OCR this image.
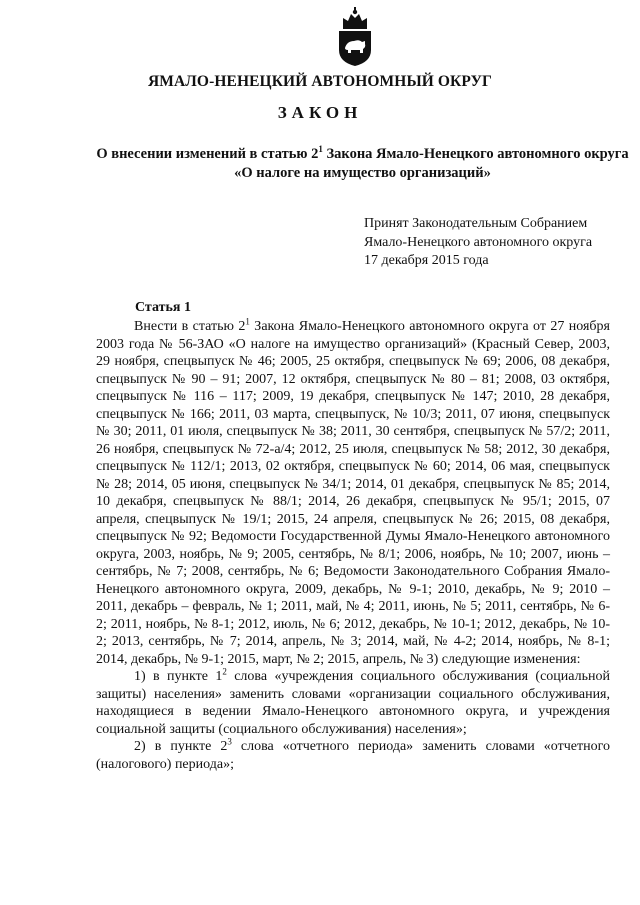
ЯМАЛО-НЕНЕЦКИЙ АВТОНОМНЫЙ ОКРУГ
ЗАКОН
О внесении изменений в статью $2^1$ Закона Ямало-Ненецкого автономного округа «О налоге на имущество организаций»
Принят Законодательным Собранием
Ямало-Ненецкого автономного округа
17 декабря 2015 года
Статья 1

Внести в статью $2^1$ Закона Ямало-Ненецкого автономного округа от 27 ноября 2003 года № 56-ЗАО «О налоге на имущество организаций» (Красный Север, 2003, 29 ноября, спецвыпуск № 46; 2005, 25 октября, спецвыпуск № 69; 2006, 08 декабря, спецвыпуск № 90 – 91; 2007, 12 октября, спецвыпуск № 80 – 81; 2008, 03 октября, спецвыпуск № 116 – 117; 2009, 19 декабря, спецвыпуск № 147; 2010, 28 декабря, спецвыпуск № 166; 2011, 03 марта, спецвыпуск, № 10/3; 2011, 07 июня, спецвыпуск № 30; 2011, 01 июля, спецвыпуск № 38; 2011, 30 сентября, спецвыпуск № 57/2; 2011, 26 ноября, спецвыпуск № 72-а/4; 2012, 25 июля, спецвыпуск № 58; 2012, 30 декабря, спецвыпуск № 112/1; 2013, 02 октября, спецвыпуск № 60; 2014, 06 мая, спецвыпуск № 28; 2014, 05 июня, спецвыпуск № 34/1; 2014, 01 декабря, спецвыпуск № 85; 2014, 10 декабря, спецвыпуск № 88/1; 2014, 26 декабря, спецвыпуск № 95/1; 2015, 07 апреля, спецвыпуск № 19/1; 2015, 24 апреля, спецвыпуск № 26; 2015, 08 декабря, спецвыпуск № 92; Ведомости Государственной Думы Ямало-Ненецкого автономного округа, 2003, ноябрь, № 9; 2005, сентябрь, № 8/1; 2006, ноябрь, № 10; 2007, июнь – сентябрь, № 7; 2008, сентябрь, № 6; Ведомости Законодательного Собрания Ямало-Ненецкого автономного округа, 2009, декабрь, № 9-1; 2010, декабрь, № 9; 2010 – 2011, декабрь – февраль, № 1; 2011, май, № 4; 2011, июнь, № 5; 2011, сентябрь, № 6-2; 2011, ноябрь, № 8-1; 2012, июль, № 6; 2012, декабрь, № 10-1; 2012, декабрь, № 10-2; 2013, сентябрь, № 7; 2014, апрель, № 3; 2014, май, № 4-2; 2014, ноябрь, № 8-1; 2014, декабрь, № 9-1; 2015, март, № 2; 2015, апрель, № 3) следующие изменения:

1) в пункте $1^2$ слова «учреждения социального обслуживания (социальной защиты) населения» заменить словами «организации социального обслуживания, находящиеся в ведении Ямало-Ненецкого автономного округа, и учреждения социальной защиты (социального обслуживания) населения»;

2) в пункте $2^3$ слова «отчетного периода» заменить словами «отчетного (налогового) периода»;
